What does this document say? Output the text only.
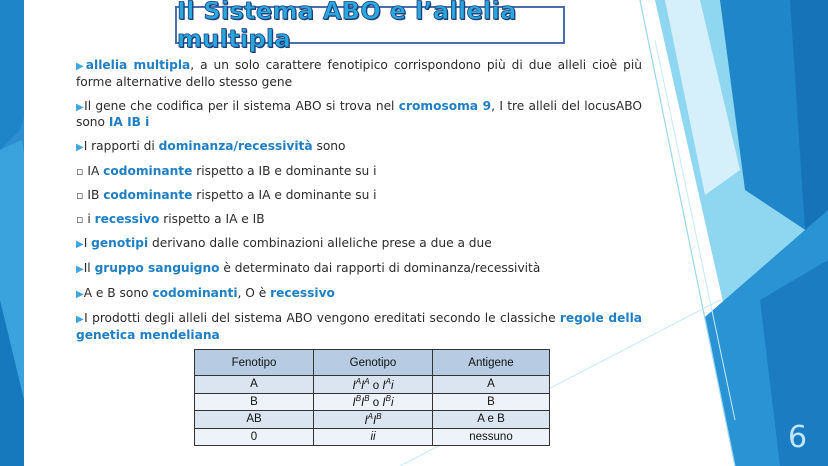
Il Sistema ABO e l’allelia multipla
▶allelia multipla, a un solo carattere fenotipico corrispondono più di due alleli cioè più forme alternative dello stesso gene
▶Il gene che codifica per il sistema ABO si trova nel cromosoma 9, I tre alleli del locusABO sono IA IB i
▶I rapporti di dominanza/recessività sono
▫ IA codominante rispetto a IB e dominante su i
▫ IB codominante rispetto a IA e dominante su i
▫ i recessivo rispetto a IA e IB
▶I genotipi derivano dalle combinazioni alleliche prese a due a due
▶Il gruppo sanguigno è determinato dai rapporti di dominanza/recessività
▶A e B sono codominanti, O è recessivo
▶I prodotti degli alleli del sistema ABO vengono ereditati secondo le classiche regole della genetica mendeliana
Fenotipo	Genotipo	Antigene
A	$I^AI^A$ o $I^Ai$	A
B	$I^BI^B$ o $I^Bi$	B
AB	$I^AI^B$	A e B
0	ii	nessuno	6
